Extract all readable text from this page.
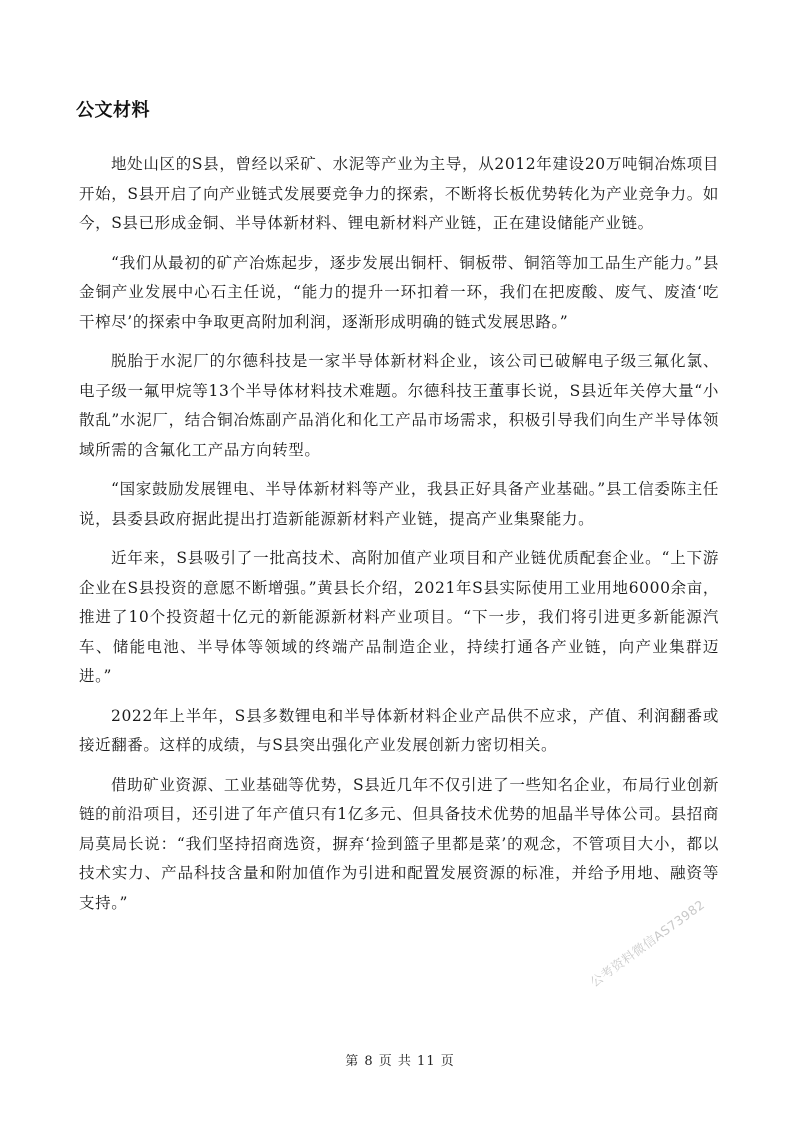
公文材料

地处山区的S县，曾经以采矿、水泥等产业为主导，从2012年建设20万吨铜冶炼项目开始，S县开启了向产业链式发展要竞争力的探索，不断将长板优势转化为产业竞争力。如今，S县已形成金铜、半导体新材料、锂电新材料产业链，正在建设储能产业链。

“我们从最初的矿产冶炼起步，逐步发展出铜杆、铜板带、铜箔等加工品生产能力。”县金铜产业发展中心石主任说，“能力的提升一环扣着一环，我们在把废酸、废气、废渣‘吃干榨尽’的探索中争取更高附加利润，逐渐形成明确的链式发展思路。”

脱胎于水泥厂的尔德科技是一家半导体新材料企业，该公司已破解电子级三氟化氯、电子级一氟甲烷等13个半导体材料技术难题。尔德科技王董事长说，S县近年关停大量“小散乱”水泥厂，结合铜冶炼副产品消化和化工产品市场需求，积极引导我们向生产半导体领域所需的含氟化工产品方向转型。

“国家鼓励发展锂电、半导体新材料等产业，我县正好具备产业基础。”县工信委陈主任说，县委县政府据此提出打造新能源新材料产业链，提高产业集聚能力。

近年来，S县吸引了一批高技术、高附加值产业项目和产业链优质配套企业。“上下游企业在S县投资的意愿不断增强。”黄县长介绍，2021年S县实际使用工业用地6000余亩，推进了10个投资超十亿元的新能源新材料产业项目。“下一步，我们将引进更多新能源汽车、储能电池、半导体等领域的终端产品制造企业，持续打通各产业链，向产业集群迈进。”

2022年上半年，S县多数锂电和半导体新材料企业产品供不应求，产值、利润翻番或接近翻番。这样的成绩，与S县突出强化产业发展创新力密切相关。

借助矿业资源、工业基础等优势，S县近几年不仅引进了一些知名企业，布局行业创新链的前沿项目，还引进了年产值只有1亿多元、但具备技术优势的旭晶半导体公司。县招商局莫局长说：“我们坚持招商选资，摒弃‘捡到篮子里都是菜’的观念，不管项目大小，都以技术实力、产品科技含量和附加值作为引进和配置发展资源的标准，并给予用地、融资等支持。”	公考资料微信AS73982
第 8 页 共 11 页
